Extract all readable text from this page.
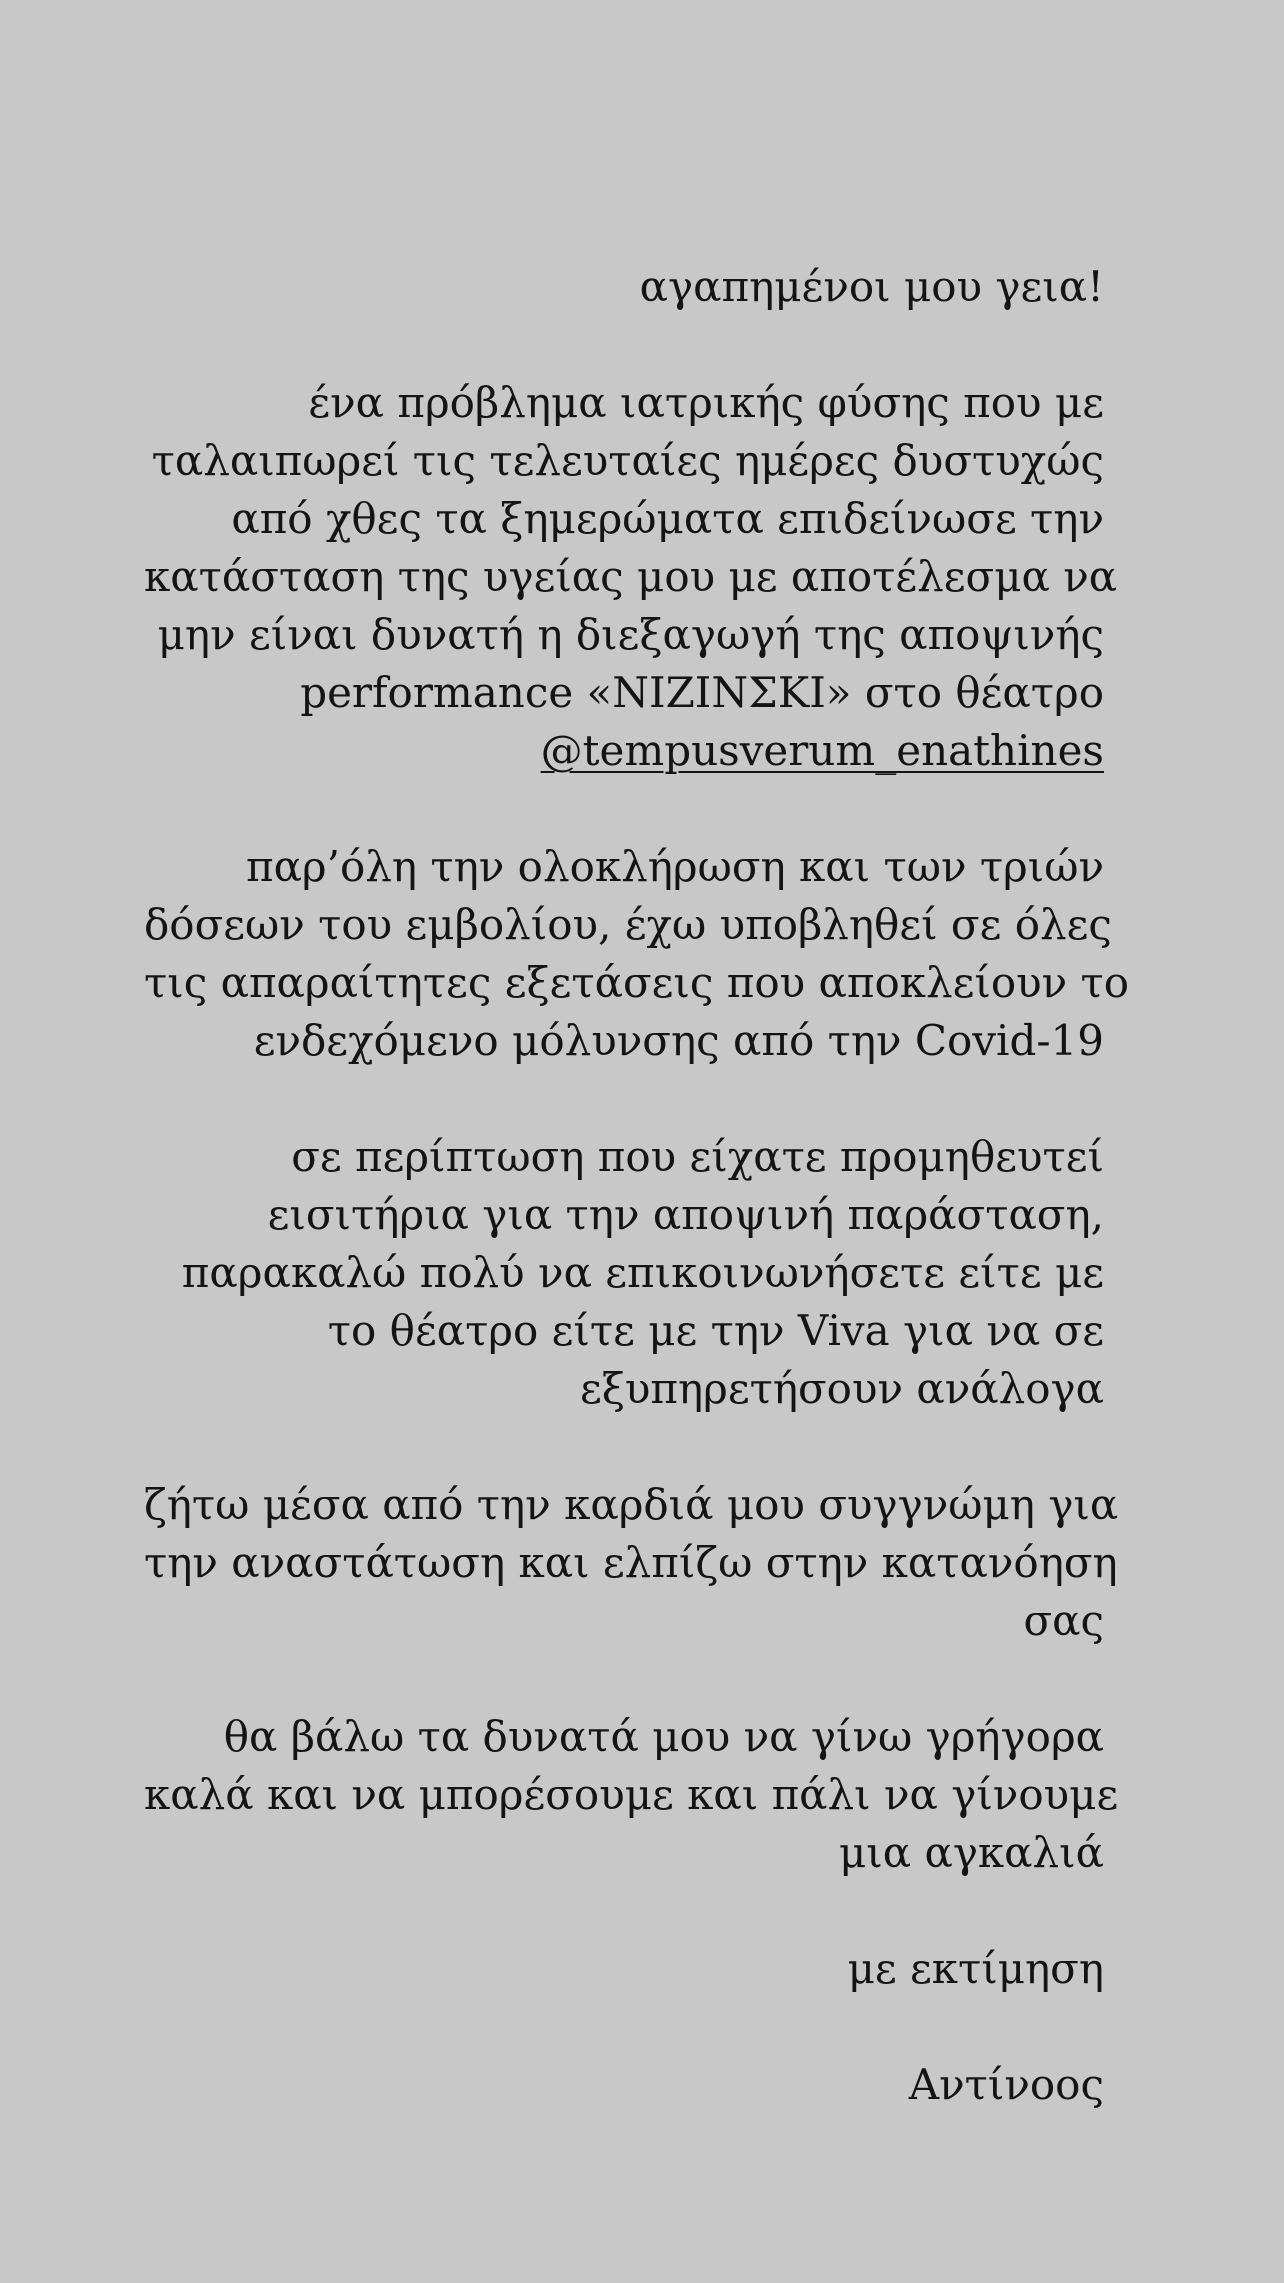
αγαπημένοι μου γεια!
ένα πρόβλημα ιατρικής φύσης που με
ταλαιπωρεί τις τελευταίες ημέρες δυστυχώς
από χθες τα ξημερώματα επιδείνωσε την
κατάσταση της υγείας μου με αποτέλεσμα να
μην είναι δυνατή η διεξαγωγή της αποψινής
performance «ΝΙΖΙΝΣΚΙ» στο θέατρο
@tempusverum_enathines
παρ’όλη την ολοκλήρωση και των τριών
δόσεων του εμβολίου, έχω υποβληθεί σε όλες
τις απαραίτητες εξετάσεις που αποκλείουν το
ενδεχόμενο μόλυνσης από την Covid-19
σε περίπτωση που είχατε προμηθευτεί
εισιτήρια για την αποψινή παράσταση,
παρακαλώ πολύ να επικοινωνήσετε είτε με
το θέατρο είτε με την Viva για να σε
εξυπηρετήσουν ανάλογα
ζήτω μέσα από την καρδιά μου συγγνώμη για
την αναστάτωση και ελπίζω στην κατανόηση
σας
θα βάλω τα δυνατά μου να γίνω γρήγορα
καλά και να μπορέσουμε και πάλι να γίνουμε
μια αγκαλιά
με εκτίμηση
Αντίνοος
